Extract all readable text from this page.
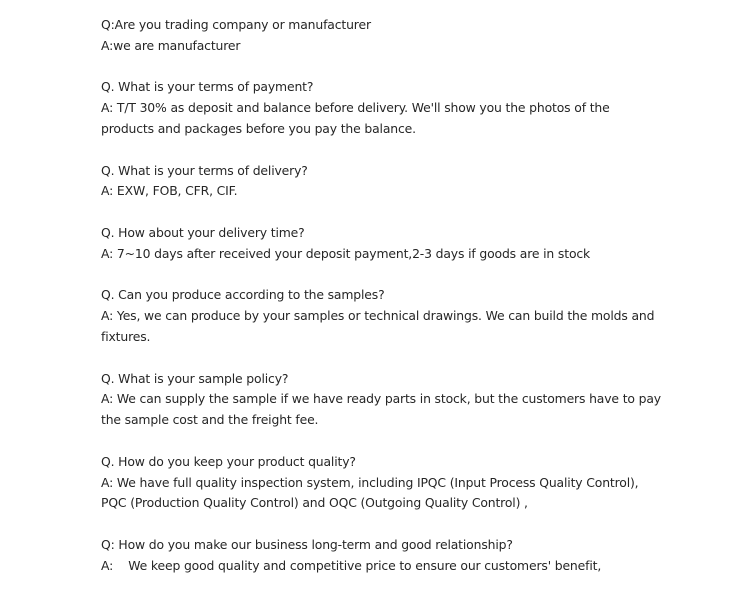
Q:Are you trading company or manufacturer

A:we are manufacturer

Q. What is your terms of payment?

A: T/T 30% as deposit and balance before delivery. We'll show you the photos of the products and packages before you pay the balance.

Q. What is your terms of delivery?

A: EXW, FOB, CFR, CIF.

Q. How about your delivery time?

A: 7~10 days after received your deposit payment,2-3 days if goods are in stock

Q. Can you produce according to the samples?

A: Yes, we can produce by your samples or technical drawings. We can build the molds and fixtures.

Q. What is your sample policy?

A: We can supply the sample if we have ready parts in stock, but the customers have to pay the sample cost and the freight fee.

Q. How do you keep your product quality?

A: We have full quality inspection system, including IPQC (Input Process Quality Control), PQC (Production Quality Control) and OQC (Outgoing Quality Control) ,

Q: How do you make our business long-term and good relationship?

A:    We keep good quality and competitive price to ensure our customers' benefit,
